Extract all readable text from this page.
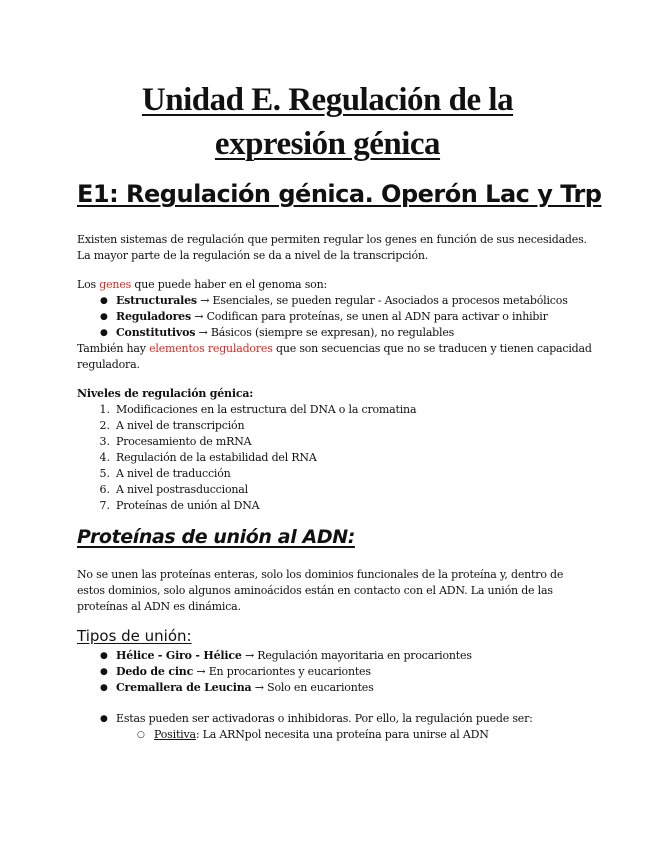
Unidad E. Regulación de la
expresión génica
E1: Regulación génica. Operón Lac y Trp
Existen sistemas de regulación que permiten regular los genes en función de sus necesidades. La mayor parte de la regulación se da a nivel de la transcripción.
Los genes que puede haber en el genoma son:
● Estructurales → Esenciales, se pueden regular - Asociados a procesos metabólicos
● Reguladores → Codifican para proteínas, se unen al ADN para activar o inhibir
● Constitutivos → Básicos (siempre se expresan), no regulables
También hay elementos reguladores que son secuencias que no se traducen y tienen capacidad
reguladora.
Niveles de regulación génica:
1. Modificaciones en la estructura del DNA o la cromatina
2. A nivel de transcripción
3. Procesamiento de mRNA
4. Regulación de la estabilidad del RNA
5. A nivel de traducción
6. A nivel postrasduccional
7. Proteínas de unión al DNA
Proteínas de unión al ADN:
No se unen las proteínas enteras, solo los dominios funcionales de la proteína y, dentro de estos dominios, solo algunos aminoácidos están en contacto con el ADN. La unión de las proteínas al ADN es dinámica.
Tipos de unión:
● Hélice - Giro - Hélice → Regulación mayoritaria en procariontes
● Dedo de cinc → En procariontes y eucariontes
● Cremallera de Leucina → Solo en eucariontes
● Estas pueden ser activadoras o inhibidoras. Por ello, la regulación puede ser:
○ Positiva: La ARNpol necesita una proteína para unirse al ADN
